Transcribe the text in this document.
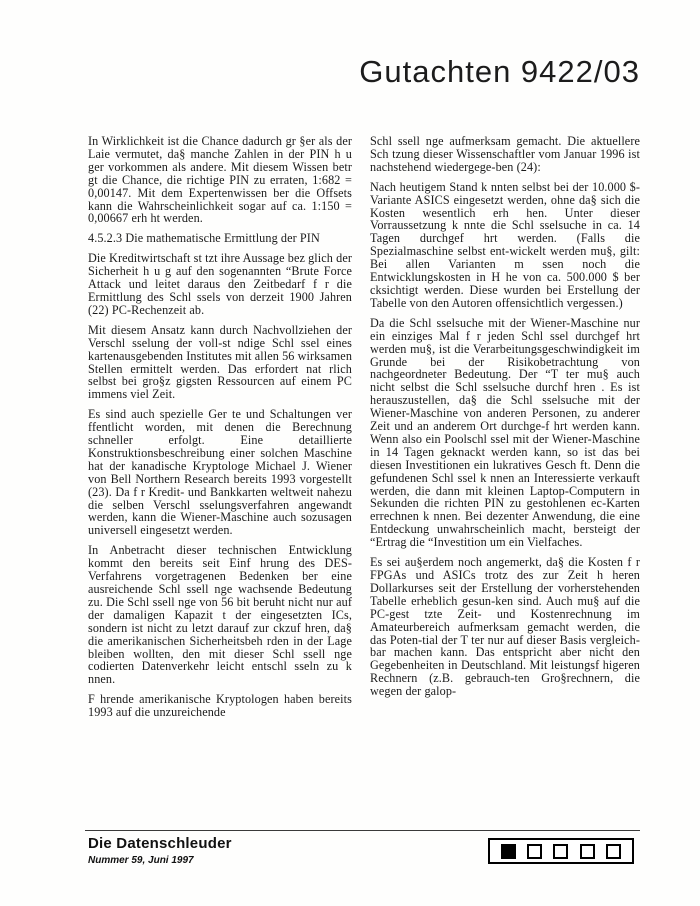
Gutachten 9422/03

In Wirklichkeit ist die Chance dadurch gr §er als der Laie vermutet, da§ manche Zahlen in der PIN h u ger vorkommen als andere. Mit diesem Wissen betr gt die Chance, die richtige PIN zu erraten, 1:682 = 0,00147. Mit dem Expertenwissen ber die Offsets kann die Wahrscheinlichkeit sogar auf ca. 1:150 = 0,00667 erh ht werden.

4.5.2.3 Die mathematische Ermittlung der PIN

Die Kreditwirtschaft st tzt ihre Aussage bez glich der Sicherheit h u g auf den sogenannten “Brute Force Attack und leitet daraus den Zeitbedarf f r die Ermittlung des Schl ssels von derzeit 1900 Jahren (22) PC-Rechenzeit ab.

Mit diesem Ansatz kann durch Nachvollziehen der Verschl sselung der voll-st ndige Schl ssel eines kartenausgebenden Institutes mit allen 56 wirksamen Stellen ermittelt werden. Das erfordert nat rlich selbst bei gro§z gigsten Ressourcen auf einem PC immens viel Zeit.

Es sind auch spezielle Ger te und Schaltungen ver ffentlicht worden, mit denen die Berechnung schneller erfolgt. Eine detaillierte Konstruktionsbeschreibung einer solchen Maschine hat der kanadische Kryptologe Michael J. Wiener von Bell Northern Research bereits 1993 vorgestellt (23). Da f r Kredit- und Bankkarten weltweit nahezu die selben Verschl sselungsverfahren angewandt werden, kann die Wiener-Maschine auch sozusagen universell eingesetzt werden.

In Anbetracht dieser technischen Entwicklung kommt den bereits seit Einf hrung des DES-Verfahrens vorgetragenen Bedenken ber eine ausreichende Schl ssell nge wachsende Bedeutung zu. Die Schl ssell nge von 56 bit beruht nicht nur auf der damaligen Kapazit t der eingesetzten ICs, sondern ist nicht zu letzt darauf zur ckzuf hren, da§ die amerikanischen Sicherheitsbeh rden in der Lage bleiben wollten, den mit dieser Schl ssell nge codierten Datenverkehr leicht entschl sseln zu k nnen.

F hrende amerikanische Kryptologen haben bereits 1993 auf die unzureichende

Schl ssell nge aufmerksam gemacht. Die aktuellere Sch tzung dieser Wissenschaftler vom Januar 1996 ist nachstehend wiedergege-ben (24):

Nach heutigem Stand k nnten selbst bei der 10.000 $-Variante ASICS eingesetzt werden, ohne da§ sich die Kosten wesentlich erh hen. Unter dieser Vorraussetzung k nnte die Schl sselsuche in ca. 14 Tagen durchgef hrt werden. (Falls die Spezialmaschine selbst ent-wickelt werden mu§, gilt: Bei allen Varianten m ssen noch die Entwicklungskosten in H he von ca. 500.000 $ ber cksichtigt werden. Diese wurden bei Erstellung der Tabelle von den Autoren offensichtlich vergessen.)

Da die Schl sselsuche mit der Wiener-Maschine nur ein einziges Mal f r jeden Schl ssel durchgef hrt werden mu§, ist die Verarbeitungsgeschwindigkeit im Grunde bei der Risikobetrachtung von nachgeordneter Bedeutung. Der “T ter mu§ auch nicht selbst die Schl sselsuche durchf hren . Es ist herauszustellen, da§ die Schl sselsuche mit der Wiener-Maschine von anderen Personen, zu anderer Zeit und an anderem Ort durchge-f hrt werden kann. Wenn also ein Poolschl ssel mit der Wiener-Maschine in 14 Tagen geknackt werden kann, so ist das bei diesen Investitionen ein lukratives Gesch ft. Denn die gefundenen Schl ssel k nnen an Interessierte verkauft werden, die dann mit kleinen Laptop-Computern in Sekunden die richten PIN zu gestohlenen ec-Karten errechnen k nnen. Bei dezenter Anwendung, die eine Entdeckung unwahrscheinlich macht, bersteigt der “Ertrag die “Investition um ein Vielfaches.

Es sei au§erdem noch angemerkt, da§ die Kosten f r FPGAs und ASICs trotz des zur Zeit h heren Dollarkurses seit der Erstellung der vorherstehenden Tabelle erheblich gesun-ken sind. Auch mu§ auf die PC-gest tzte Zeit- und Kostenrechnung im Amateurbereich aufmerksam gemacht werden, die das Poten-tial der T ter nur auf dieser Basis vergleich-bar machen kann. Das entspricht aber nicht den Gegebenheiten in Deutschland. Mit leistungsf higeren Rechnern (z.B. gebrauch-ten Gro§rechnern, die wegen der galop-

Die Datenschleuder

Nummer 59, Juni 1997
